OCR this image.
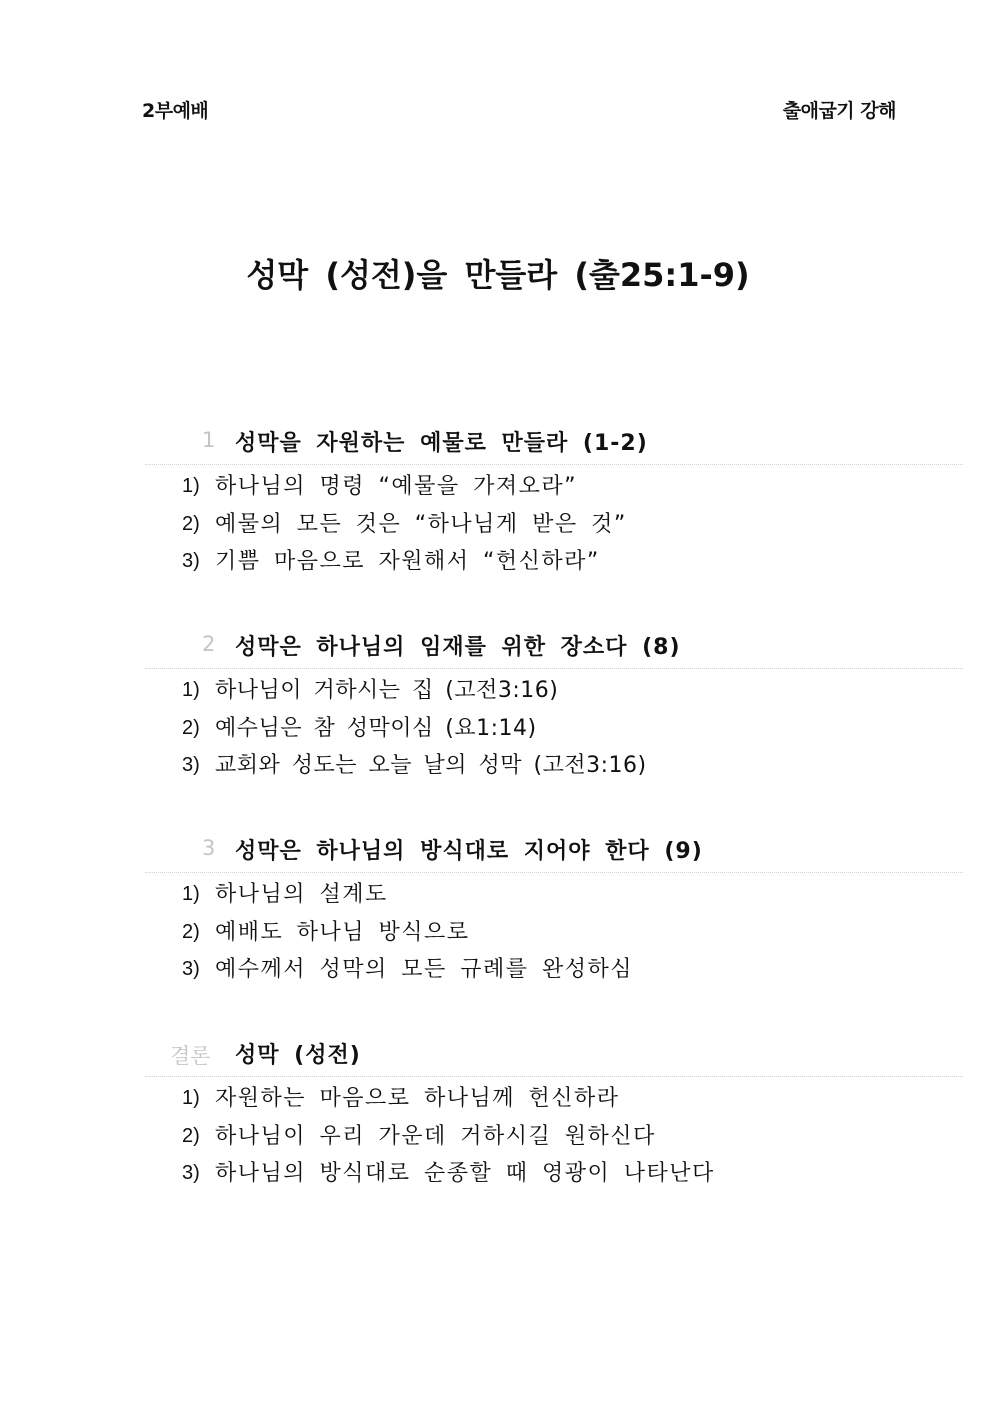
2부예배	출애굽기 강해
성막 (성전)을 만들라 (출25:1-9)
1 성막을 자원하는 예물로 만들라 (1-2)
1) 하나님의 명령 “예물을 가져오라”
2) 예물의 모든 것은 “하나님게 받은 것”
3) 기쁨 마음으로 자원해서 “헌신하라”
2 성막은 하나님의 임재를 위한 장소다 (8)
1) 하나님이 거하시는 집 (고전3:16)
2) 예수님은 참 성막이심 (요1:14)
3) 교회와 성도는 오늘 날의 성막 (고전3:16)
3 성막은 하나님의 방식대로 지어야 한다 (9)
1) 하나님의 설계도
2) 예배도 하나님 방식으로
3) 예수께서 성막의 모든 규례를 완성하심
결론 성막 (성전)
1) 자원하는 마음으로 하나님께 헌신하라
2) 하나님이 우리 가운데 거하시길 원하신다
3) 하나님의 방식대로 순종할 때 영광이 나타난다
